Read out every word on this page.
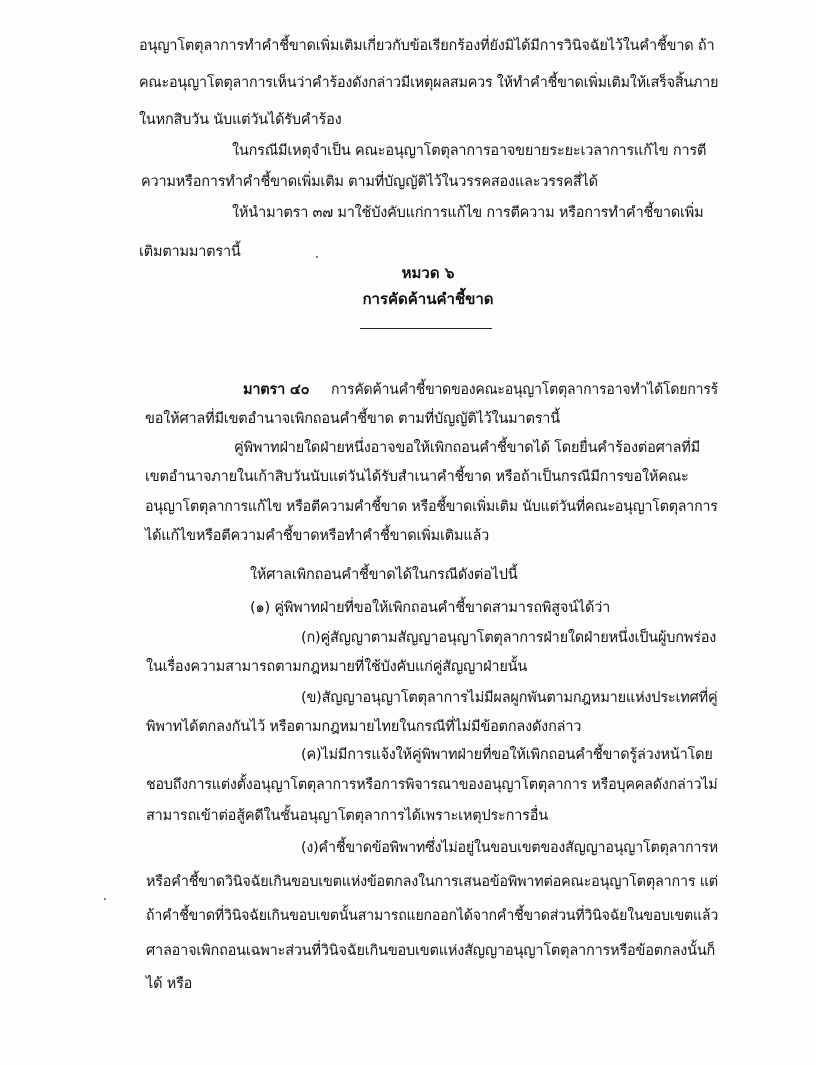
อนุญาโตตุลาการทำคำชี้ขาดเพิ่มเติมเกี่ยวกับข้อเรียกร้องที่ยังมิได้มีการวินิจฉัยไว้ในคำชี้ขาด ถ้า
คณะอนุญาโตตุลาการเห็นว่าคำร้องดังกล่าวมีเหตุผลสมควร ให้ทำคำชี้ขาดเพิ่มเติมให้เสร็จสิ้นภาย
ในหกสิบวัน นับแต่วันได้รับคำร้อง
ในกรณีมีเหตุจำเป็น คณะอนุญาโตตุลาการอาจขยายระยะเวลาการแก้ไข การตี
ความหรือการทำคำชี้ขาดเพิ่มเติม ตามที่บัญญัติไว้ในวรรคสองและวรรคสี่ได้
ให้นำมาตรา ๓๗ มาใช้บังคับแก่การแก้ไข การตีความ หรือการทำคำชี้ขาดเพิ่ม
เติมตามมาตรานี้
หมวด ๖
การคัดค้านคำชี้ขาด
มาตรา ๔๐ การคัดค้านคำชี้ขาดของคณะอนุญาโตตุลาการอาจทำได้โดยการร้
ขอให้ศาลที่มีเขตอำนาจเพิกถอนคำชี้ขาด ตามที่บัญญัติไว้ในมาตรานี้
คู่พิพาทฝ่ายใดฝ่ายหนึ่งอาจขอให้เพิกถอนคำชี้ขาดได้ โดยยื่นคำร้องต่อศาลที่มี
เขตอำนาจภายในเก้าสิบวันนับแต่วันได้รับสำเนาคำชี้ขาด หรือถ้าเป็นกรณีมีการขอให้คณะ
อนุญาโตตุลาการแก้ไข หรือตีความคำชี้ขาด หรือชี้ขาดเพิ่มเติม นับแต่วันที่คณะอนุญาโตตุลาการ
ได้แก้ไขหรือตีความคำชี้ขาดหรือทำคำชี้ขาดเพิ่มเติมแล้ว
ให้ศาลเพิกถอนคำชี้ขาดได้ในกรณีดังต่อไปนี้
(๑) คู่พิพาทฝ่ายที่ขอให้เพิกถอนคำชี้ขาดสามารถพิสูจน์ได้ว่า
(ก)คู่สัญญาตามสัญญาอนุญาโตตุลาการฝ่ายใดฝ่ายหนึ่งเป็นผู้บกพร่อง
ในเรื่องความสามารถตามกฎหมายที่ใช้บังคับแก่คู่สัญญาฝ่ายนั้น
(ข)สัญญาอนุญาโตตุลาการไม่มีผลผูกพันตามกฎหมายแห่งประเทศที่คู่
พิพาทได้ตกลงกันไว้ หรือตามกฎหมายไทยในกรณีที่ไม่มีข้อตกลงดังกล่าว
(ค)ไม่มีการแจ้งให้คู่พิพาทฝ่ายที่ขอให้เพิกถอนคำชี้ขาดรู้ล่วงหน้าโดย
ชอบถึงการแต่งตั้งอนุญาโตตุลาการหรือการพิจารณาของอนุญาโตตุลาการ หรือบุคคลดังกล่าวไม่
สามารถเข้าต่อสู้คดีในชั้นอนุญาโตตุลาการได้เพราะเหตุประการอื่น
(ง)คำชี้ขาดข้อพิพาทซึ่งไม่อยู่ในขอบเขตของสัญญาอนุญาโตตุลาการห
หรือคำชี้ขาดวินิจฉัยเกินขอบเขตแห่งข้อตกลงในการเสนอข้อพิพาทต่อคณะอนุญาโตตุลาการ แต่
ถ้าคำชี้ขาดที่วินิจฉัยเกินขอบเขตนั้นสามารถแยกออกได้จากคำชี้ขาดส่วนที่วินิจฉัยในขอบเขตแล้ว
ศาลอาจเพิกถอนเฉพาะส่วนที่วินิจฉัยเกินขอบเขตแห่งสัญญาอนุญาโตตุลาการหรือข้อตกลงนั้นก็
ได้ หรือ
